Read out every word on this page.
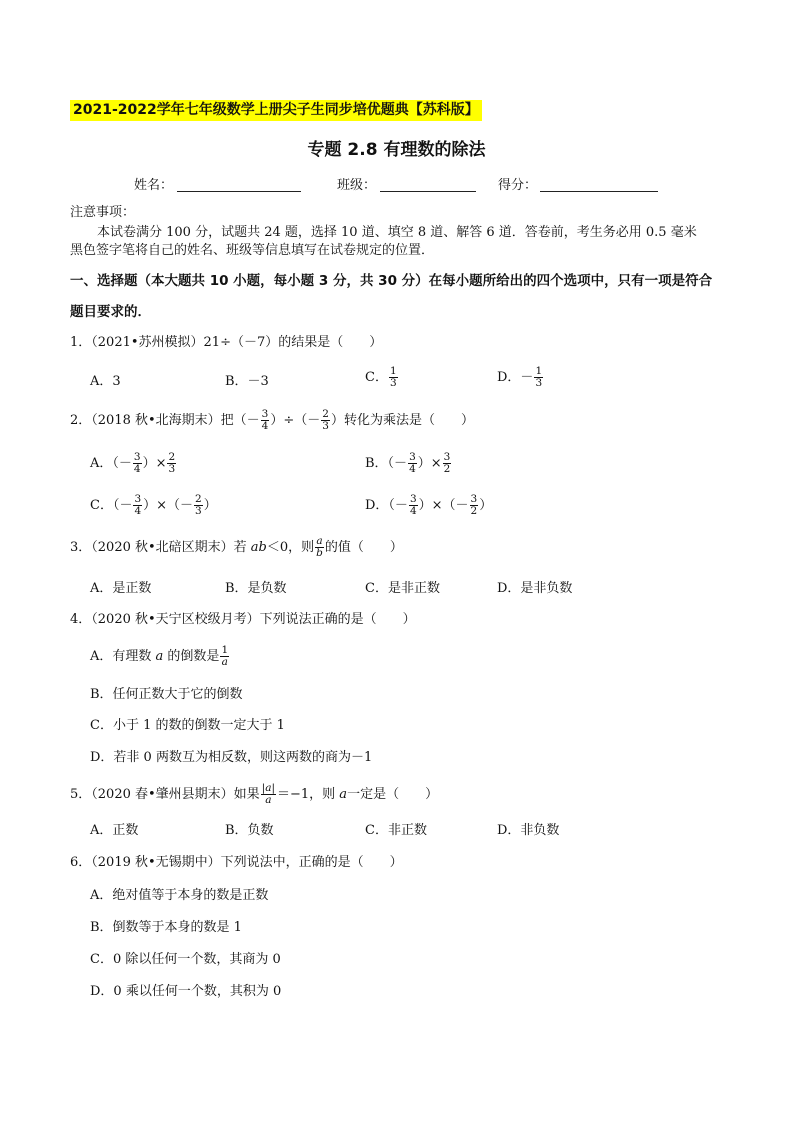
2021-2022学年七年级数学上册尖子生同步培优题典【苏科版】
专题 2.8 有理数的除法
姓名：	班级：	得分：
注意事项：
本试卷满分 100 分，试题共 24 题，选择 10 道、填空 8 道、解答 6 道．答卷前，考生务必用 0.5 毫米
黑色签字笔将自己的姓名、班级等信息填写在试卷规定的位置．
一、选择题（本大题共 10 小题，每小题 3 分，共 30 分）在每小题所给出的四个选项中，只有一项是符合
题目要求的．
1．（2021•苏州模拟）21÷（－7）的结果是（　　）
A．3	B．－3	C． $\frac{1}{3}$	D．－ $\frac{1}{3}$
2．（2018 秋•北海期末）把（－ $\frac{3}{4}$ ）÷（－ $\frac{2}{3}$ ）转化为乘法是（　　）
A．（－ $\frac{3}{4}$ ）× $\frac{2}{3}$	B．（－ $\frac{3}{4}$ ）× $\frac{3}{2}$
C．（－ $\frac{3}{4}$ ）×（－ $\frac{2}{3}$ ）	D．（－ $\frac{3}{4}$ ）×（－ $\frac{3}{2}$ ）
3．（2020 秋•北碚区期末）若 ab＜0，则 $\frac{a}{b}$ 的值（　　）
A．是正数	B．是负数	C．是非正数	D．是非负数
4．（2020 秋•天宁区校级月考）下列说法正确的是（　　）
A．有理数 a 的倒数是 $\frac{1}{a}$
B．任何正数大于它的倒数
C．小于 1 的数的倒数一定大于 1
D．若非 0 两数互为相反数，则这两数的商为－1
5．（2020 春•肇州县期末）如果 $\frac{|a|}{a} =-1$，则 a一定是（　　）
A．正数	B．负数	C．非正数	D．非负数
6．（2019 秋•无锡期中）下列说法中，正确的是（　　）
A．绝对值等于本身的数是正数
B．倒数等于本身的数是 1
C．0 除以任何一个数，其商为 0
D．0 乘以任何一个数，其积为 0
